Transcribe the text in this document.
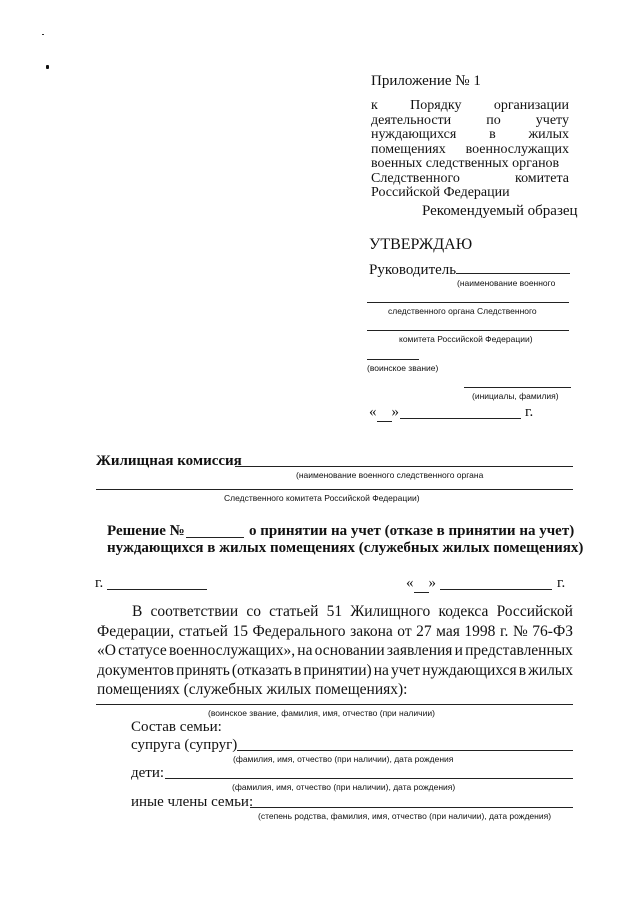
Приложение № 1
к Порядку организации
деятельности	по	учету
нуждающихся в жилых
помещениях военнослужащих
военных следственных органов
Следственного	комитета
Российской Федерации
Рекомендуемый образец
УТВЕРЖДАЮ
Руководитель
(наименование военного
следственного органа Следственного
комитета Российской Федерации)
(воинское звание)
(инициалы, фамилия)
« »	г.
Жилищная комиссия
(наименование военного следственного органа
Следственного комитета Российской Федерации)
Решение №	о принятии на учет (отказе в принятии на учет)
нуждающихся в жилых помещениях (служебных жилых помещениях)
г.	« »	г.
В соответствии со статьей 51 Жилищного кодекса Российской
Федерации, статьей 15 Федерального закона от 27 мая 1998 г. № 76-ФЗ
«О статусе военнослужащих», на основании заявления и представленных
документов принять (отказать в принятии) на учет нуждающихся в жилых
помещениях (служебных жилых помещениях):
(воинское звание, фамилия, имя, отчество (при наличии)
Состав семьи:
супруга (супруг)
(фамилия, имя, отчество (при наличии), дата рождения
дети:
(фамилия, имя, отчество (при наличии), дата рождения)
иные члены семьи:
(степень родства, фамилия, имя, отчество (при наличии), дата рождения)
